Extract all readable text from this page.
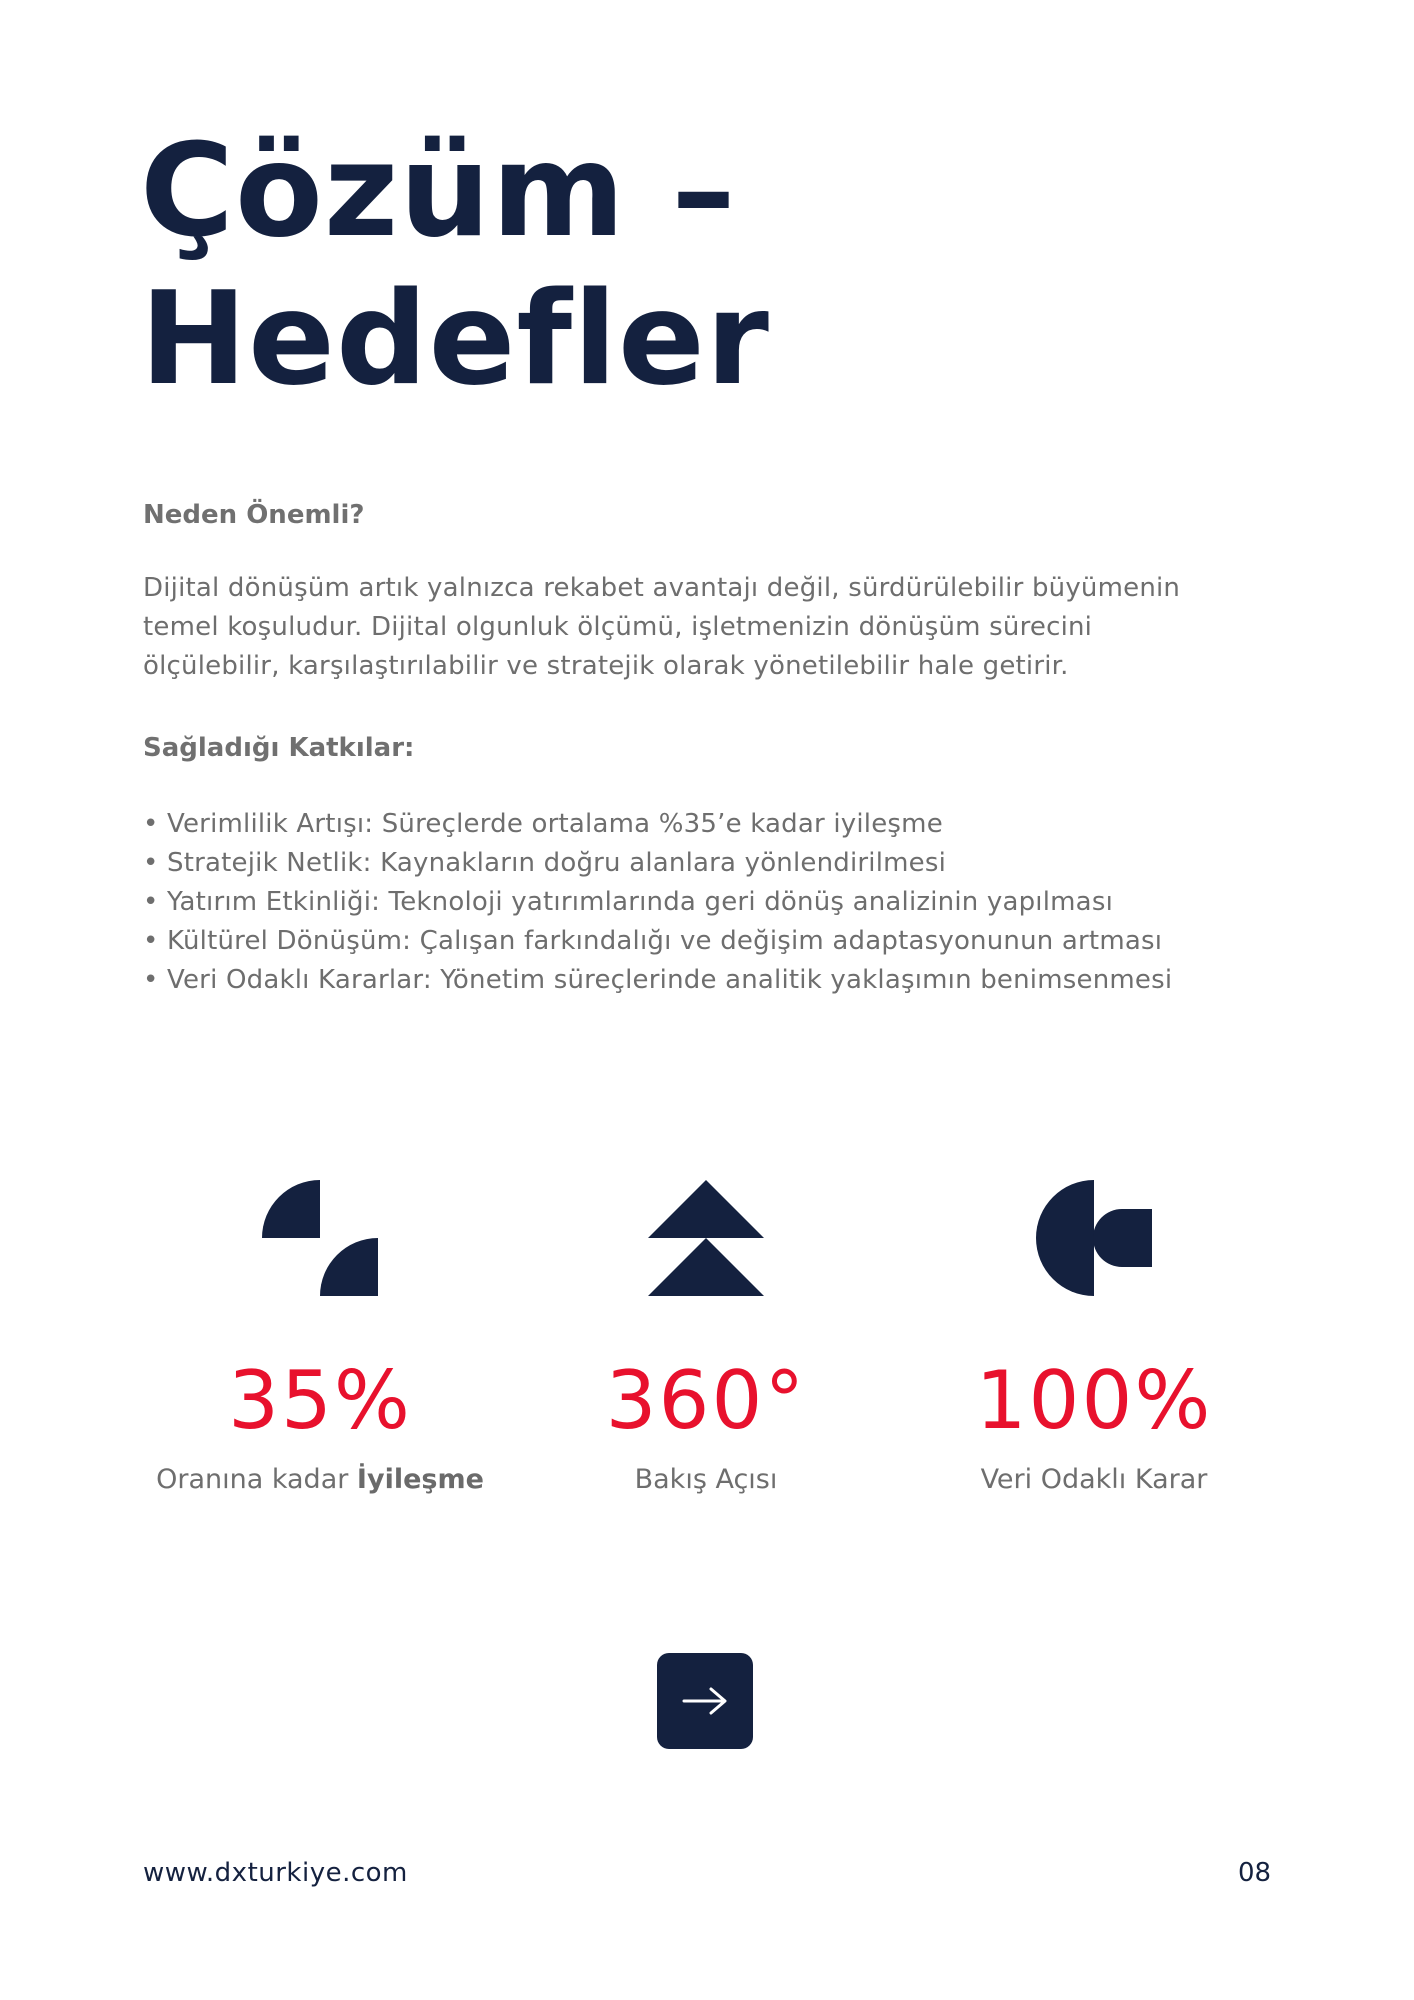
Çözüm –
Hedefler
Neden Önemli?

Dijital dönüşüm artık yalnızca rekabet avantajı değil, sürdürülebilir büyümenin
temel koşuludur. Dijital olgunluk ölçümü, işletmenizin dönüşüm sürecini
ölçülebilir, karşılaştırılabilir ve stratejik olarak yönetilebilir hale getirir.

Sağladığı Katkılar:
• Verimlilik Artışı: Süreçlerde ortalama %35’e kadar iyileşme
• Stratejik Netlik: Kaynakların doğru alanlara yönlendirilmesi
• Yatırım Etkinliği: Teknoloji yatırımlarında geri dönüş analizinin yapılması
• Kültürel Dönüşüm: Çalışan farkındalığı ve değişim adaptasyonunun artması
• Veri Odaklı Kararlar: Yönetim süreçlerinde analitik yaklaşımın benimsenmesi
35%
Oranına kadar İyileşme
360°
Bakış Açısı
100%
Veri Odaklı Karar
www.dxturkiye.com	08
